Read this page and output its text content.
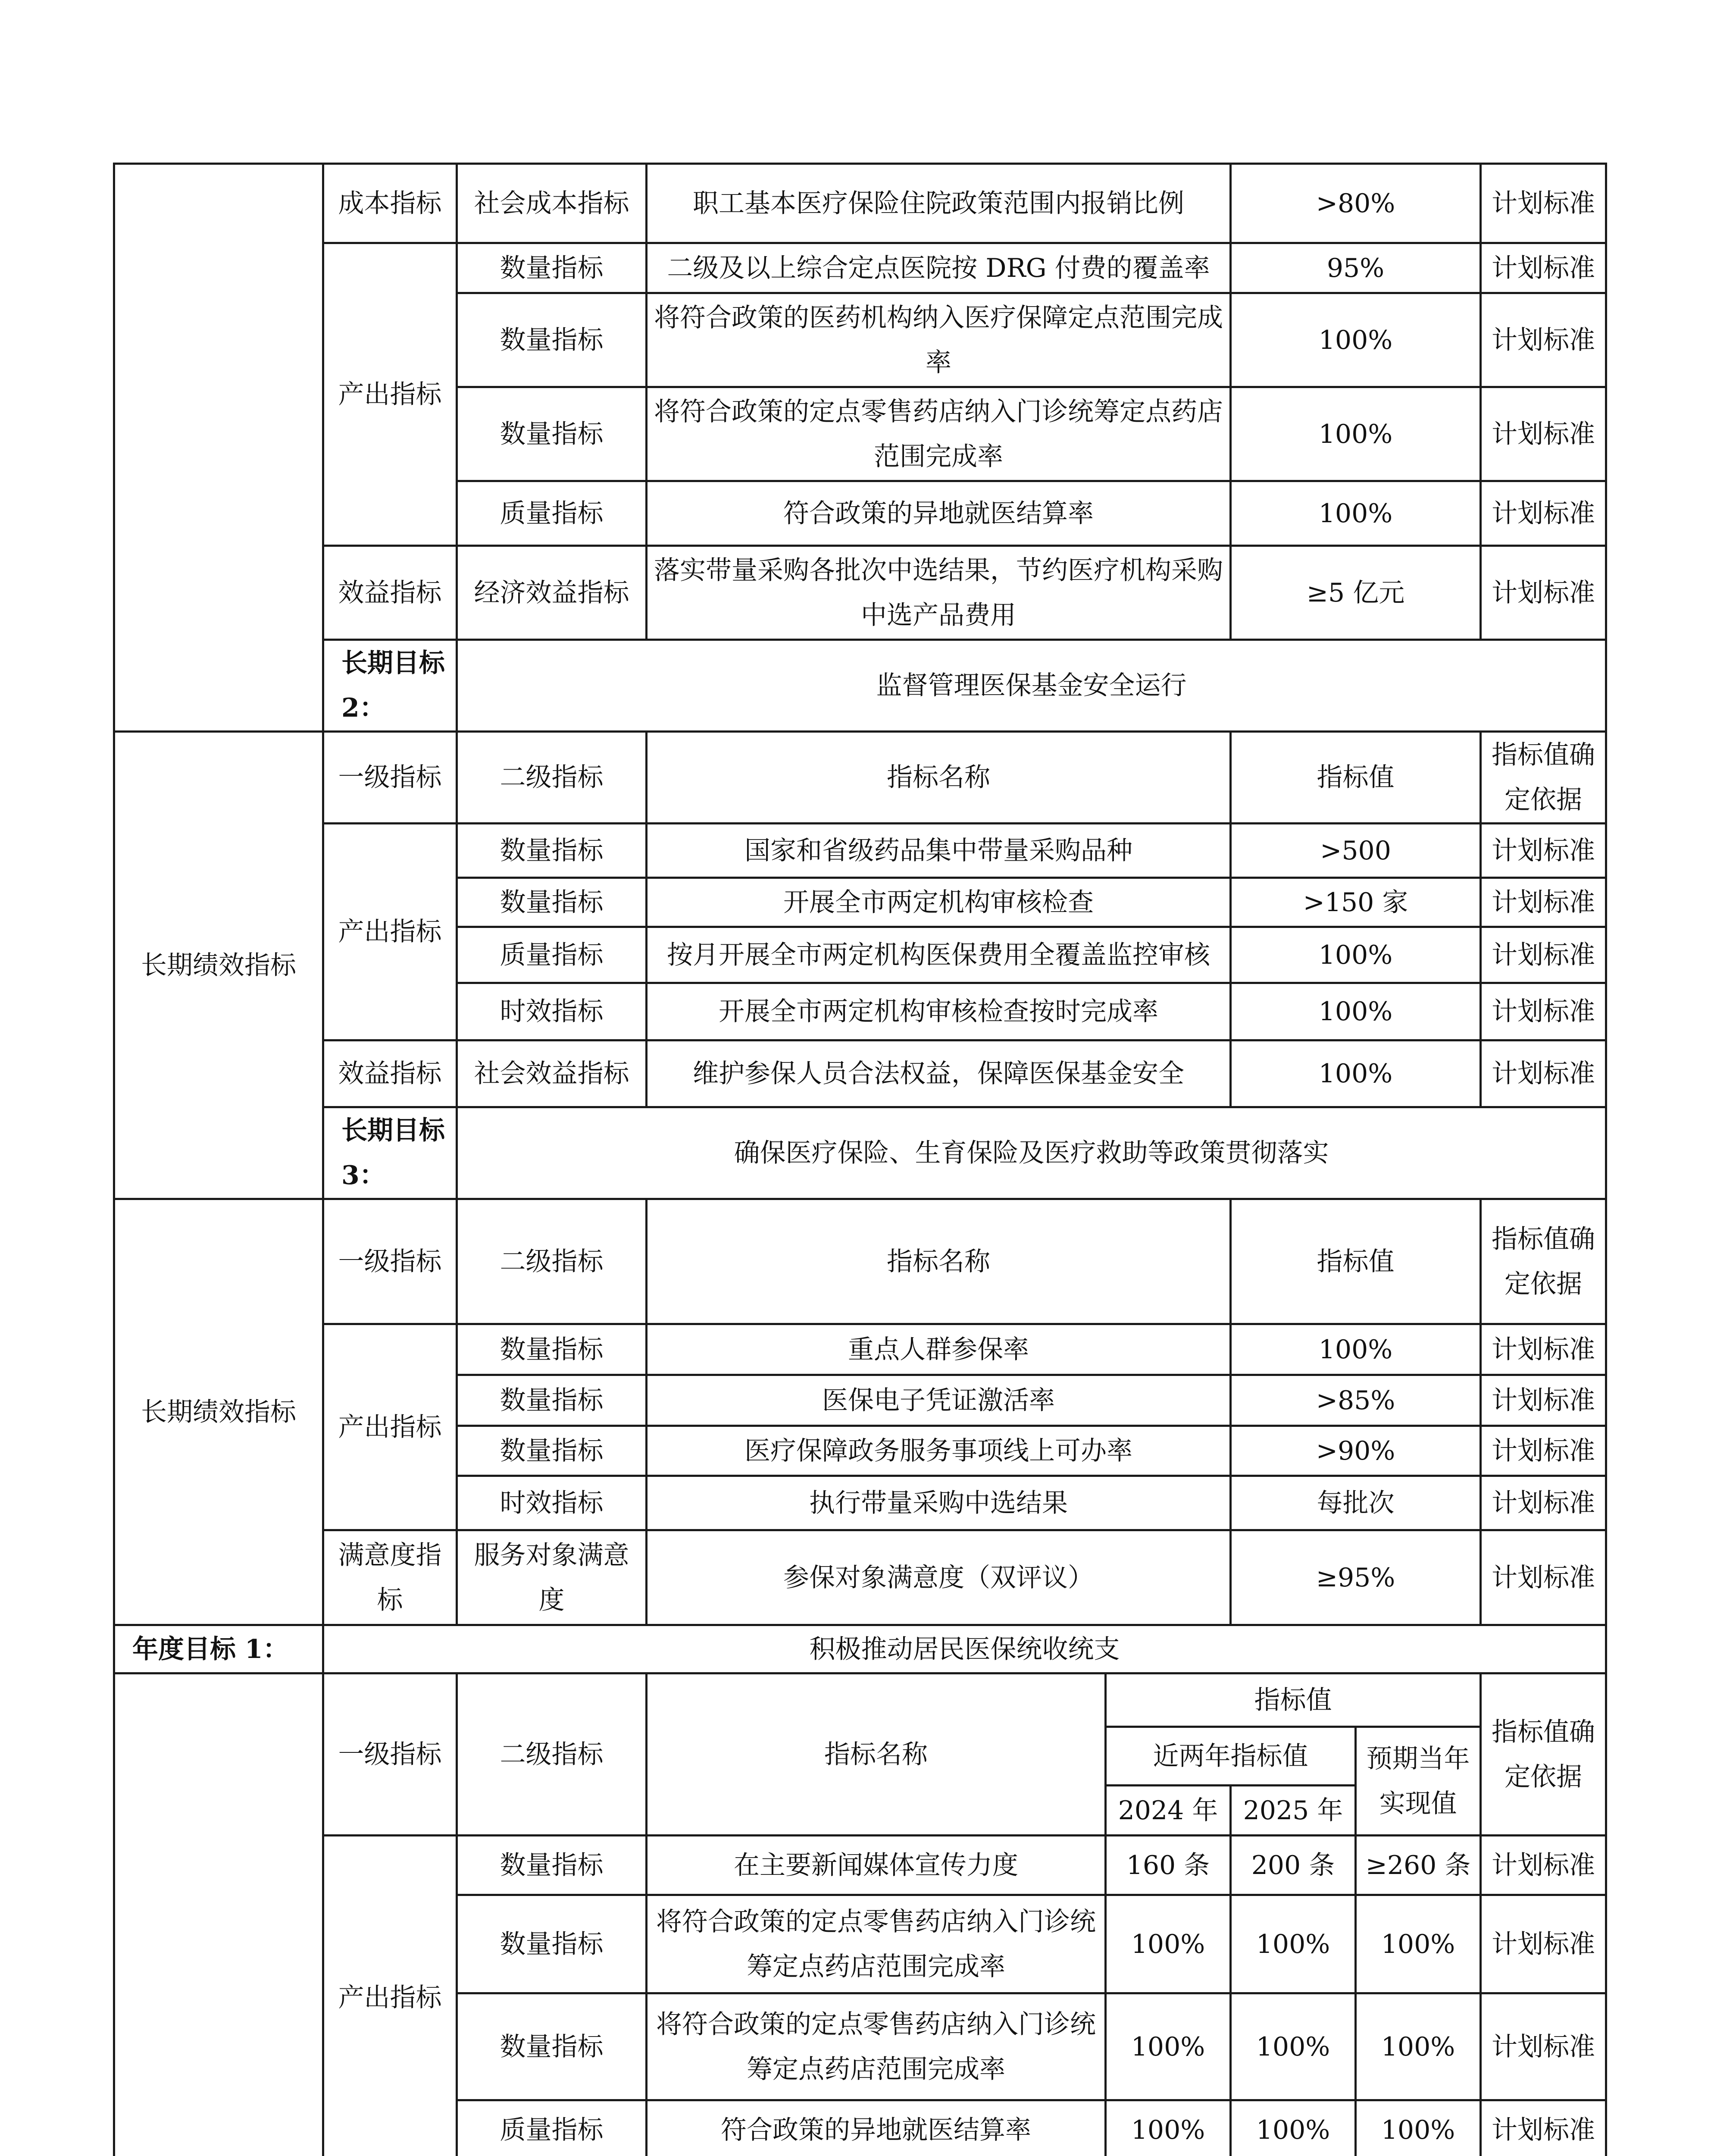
	成本指标	社会成本指标	职工基本医疗保险住院政策范围内报销比例		>80%		计划标准
	产出指标	数量指标	二级及以上综合定点医院按 DRG 付费的覆盖率		95%		计划标准
		数量指标	将符合政策的医药机构纳入医疗保障定点范围完成率		100%		计划标准
		数量指标	将符合政策的定点零售药店纳入门诊统筹定点药店范围完成率		100%		计划标准
		质量指标	符合政策的异地就医结算率		100%		计划标准
	效益指标	经济效益指标	落实带量采购各批次中选结果，节约医疗机构采购中选产品费用		≥5 亿元		计划标准
	长期目标 2：	监督管理医保基金安全运行					
长期绩效指标	一级指标	二级指标	指标名称		指标值		指标值确定依据
	产出指标	数量指标	国家和省级药品集中带量采购品种		>500		计划标准
		数量指标	开展全市两定机构审核检查		>150 家		计划标准
		质量指标	按月开展全市两定机构医保费用全覆盖监控审核		100%		计划标准
		时效指标	开展全市两定机构审核检查按时完成率		100%		计划标准
	效益指标	社会效益指标	维护参保人员合法权益，保障医保基金安全		100%		计划标准
	长期目标 3：	确保医疗保险、生育保险及医疗救助等政策贯彻落实					
长期绩效指标	一级指标	二级指标	指标名称		指标值		指标值确定依据
	产出指标	数量指标	重点人群参保率		100%		计划标准
		数量指标	医保电子凭证激活率		>85%		计划标准
		数量指标	医疗保障政务服务事项线上可办率		>90%		计划标准
		时效指标	执行带量采购中选结果		每批次		计划标准
	满意度指标	服务对象满意度	参保对象满意度（双评议）		≥95%		计划标准
年度目标 1：	积极推动居民医保统收统支						
	一级指标	二级指标	指标名称	指标值			指标值确定依据
				近两年指标值		预期当年实现值	
				2024 年	2025 年		
	产出指标	数量指标	在主要新闻媒体宣传力度	160 条	200 条	≥260 条	计划标准
		数量指标	将符合政策的定点零售药店纳入门诊统筹定点药店范围完成率	100%	100%	100%	计划标准
		数量指标	将符合政策的定点零售药店纳入门诊统筹定点药店范围完成率	100%	100%	100%	计划标准
		质量指标	符合政策的异地就医结算率	100%	100%	100%	计划标准
